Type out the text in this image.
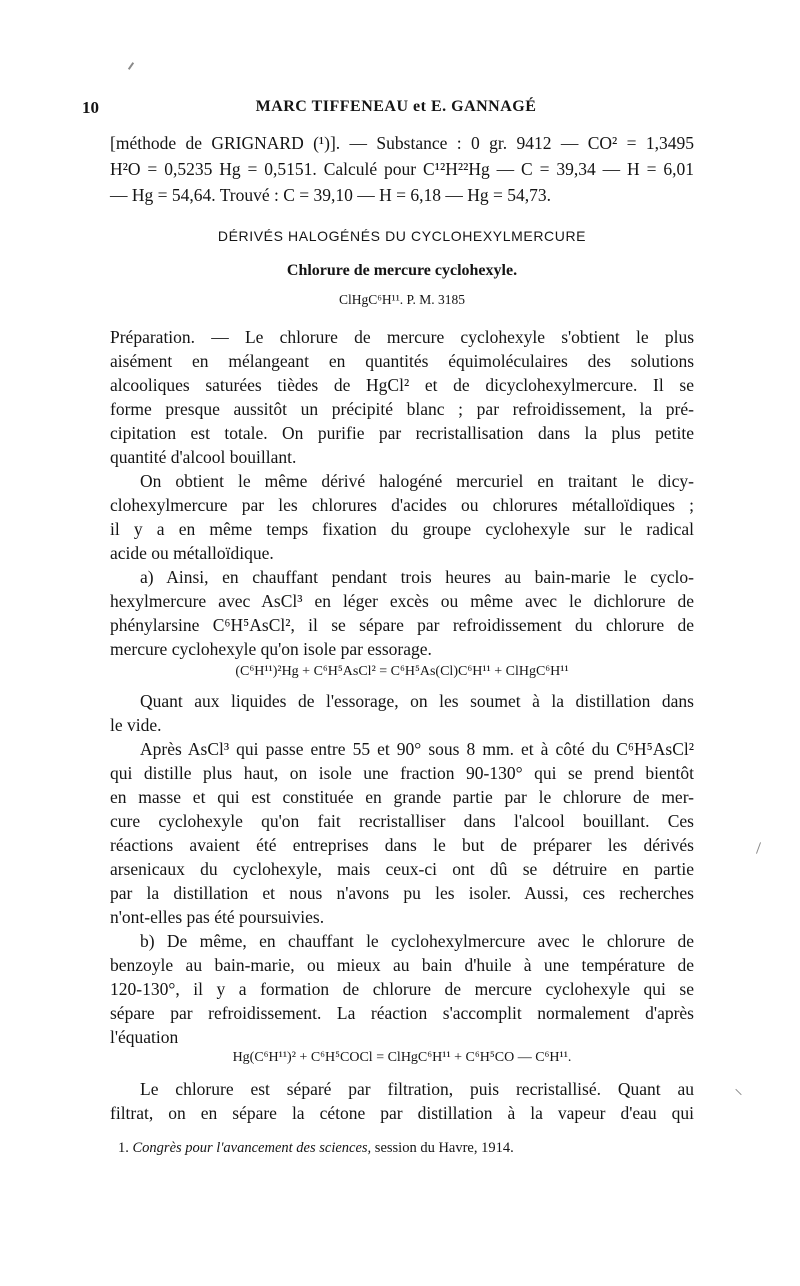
10	MARC TIFFENEAU et E. GANNAGÉ
[méthode de GRIGNARD (¹)]. — Substance : 0 gr. 9412 — CO² = 1,3495
H²O = 0,5235 Hg = 0,5151. Calculé pour C¹²H²²Hg — C = 39,34 — H = 6,01
— Hg = 54,64. Trouvé : C = 39,10 — H = 6,18 — Hg = 54,73.
DÉRIVÉS HALOGÉNÉS DU CYCLOHEXYLMERCURE
Chlorure de mercure cyclohexyle.
ClHgC⁶H¹¹. P. M. 3185
Préparation. — Le chlorure de mercure cyclohexyle s'obtient le plus
aisément en mélangeant en quantités équimoléculaires des solutions
alcooliques saturées tièdes de HgCl² et de dicyclohexylmercure. Il se
forme presque aussitôt un précipité blanc ; par refroidissement, la pré-
cipitation est totale. On purifie par recristallisation dans la plus petite
quantité d'alcool bouillant.
On obtient le même dérivé halogéné mercuriel en traitant le dicy-
clohexylmercure par les chlorures d'acides ou chlorures métalloïdiques ;
il y a en même temps fixation du groupe cyclohexyle sur le radical
acide ou métalloïdique.
a) Ainsi, en chauffant pendant trois heures au bain-marie le cyclo-
hexylmercure avec AsCl³ en léger excès ou même avec le dichlorure de
phénylarsine C⁶H⁵AsCl², il se sépare par refroidissement du chlorure de
mercure cyclohexyle qu'on isole par essorage.
(C⁶H¹¹)²Hg + C⁶H⁵AsCl² = C⁶H⁵As(Cl)C⁶H¹¹ + ClHgC⁶H¹¹
Quant aux liquides de l'essorage, on les soumet à la distillation dans
le vide.
Après AsCl³ qui passe entre 55 et 90° sous 8 mm. et à côté du C⁶H⁵AsCl²
qui distille plus haut, on isole une fraction 90-130° qui se prend bientôt
en masse et qui est constituée en grande partie par le chlorure de mer-
cure cyclohexyle qu'on fait recristalliser dans l'alcool bouillant. Ces
réactions avaient été entreprises dans le but de préparer les dérivés
arsenicaux du cyclohexyle, mais ceux-ci ont dû se détruire en partie
par la distillation et nous n'avons pu les isoler. Aussi, ces recherches
n'ont-elles pas été poursuivies.
b) De même, en chauffant le cyclohexylmercure avec le chlorure de
benzoyle au bain-marie, ou mieux au bain d'huile à une température de
120-130°, il y a formation de chlorure de mercure cyclohexyle qui se
sépare par refroidissement. La réaction s'accomplit normalement d'après
l'équation
Hg(C⁶H¹¹)² + C⁶H⁵COCl = ClHgC⁶H¹¹ + C⁶H⁵CO — C⁶H¹¹.
Le chlorure est séparé par filtration, puis recristallisé. Quant au
filtrat, on en sépare la cétone par distillation à la vapeur d'eau qui
1. Congrès pour l'avancement des sciences, session du Havre, 1914.
